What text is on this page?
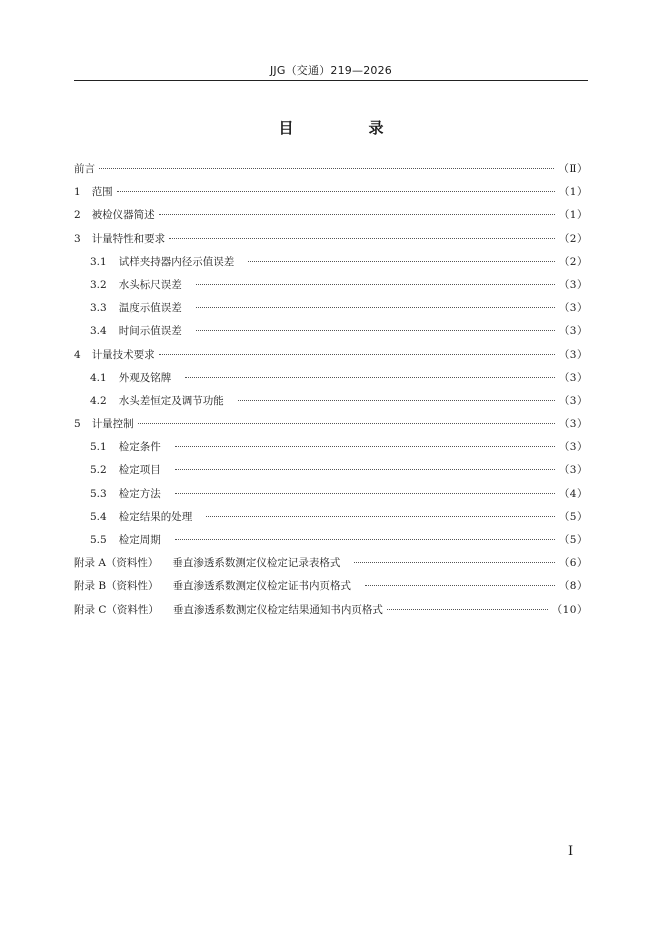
JJG（交通）219—2026
目　录
前言	（Ⅱ）
1 范围	（1）
2 被检仪器简述	（1）
3 计量特性和要求	（2）
3.1 试样夹持器内径示值误差	（2）
3.2 水头标尺误差	（3）
3.3 温度示值误差	（3）
3.4 时间示值误差	（3）
4 计量技术要求	（3）
4.1 外观及铭牌	（3）
4.2 水头差恒定及调节功能	（3）
5 计量控制	（3）
5.1 检定条件	（3）
5.2 检定项目	（3）
5.3 检定方法	（4）
5.4 检定结果的处理	（5）
5.5 检定周期	（5）
附录 A（资料性） 垂直渗透系数测定仪检定记录表格式	（6）
附录 B（资料性） 垂直渗透系数测定仪检定证书内页格式	（8）
附录 C（资料性） 垂直渗透系数测定仪检定结果通知书内页格式	（10）
Ⅰ
